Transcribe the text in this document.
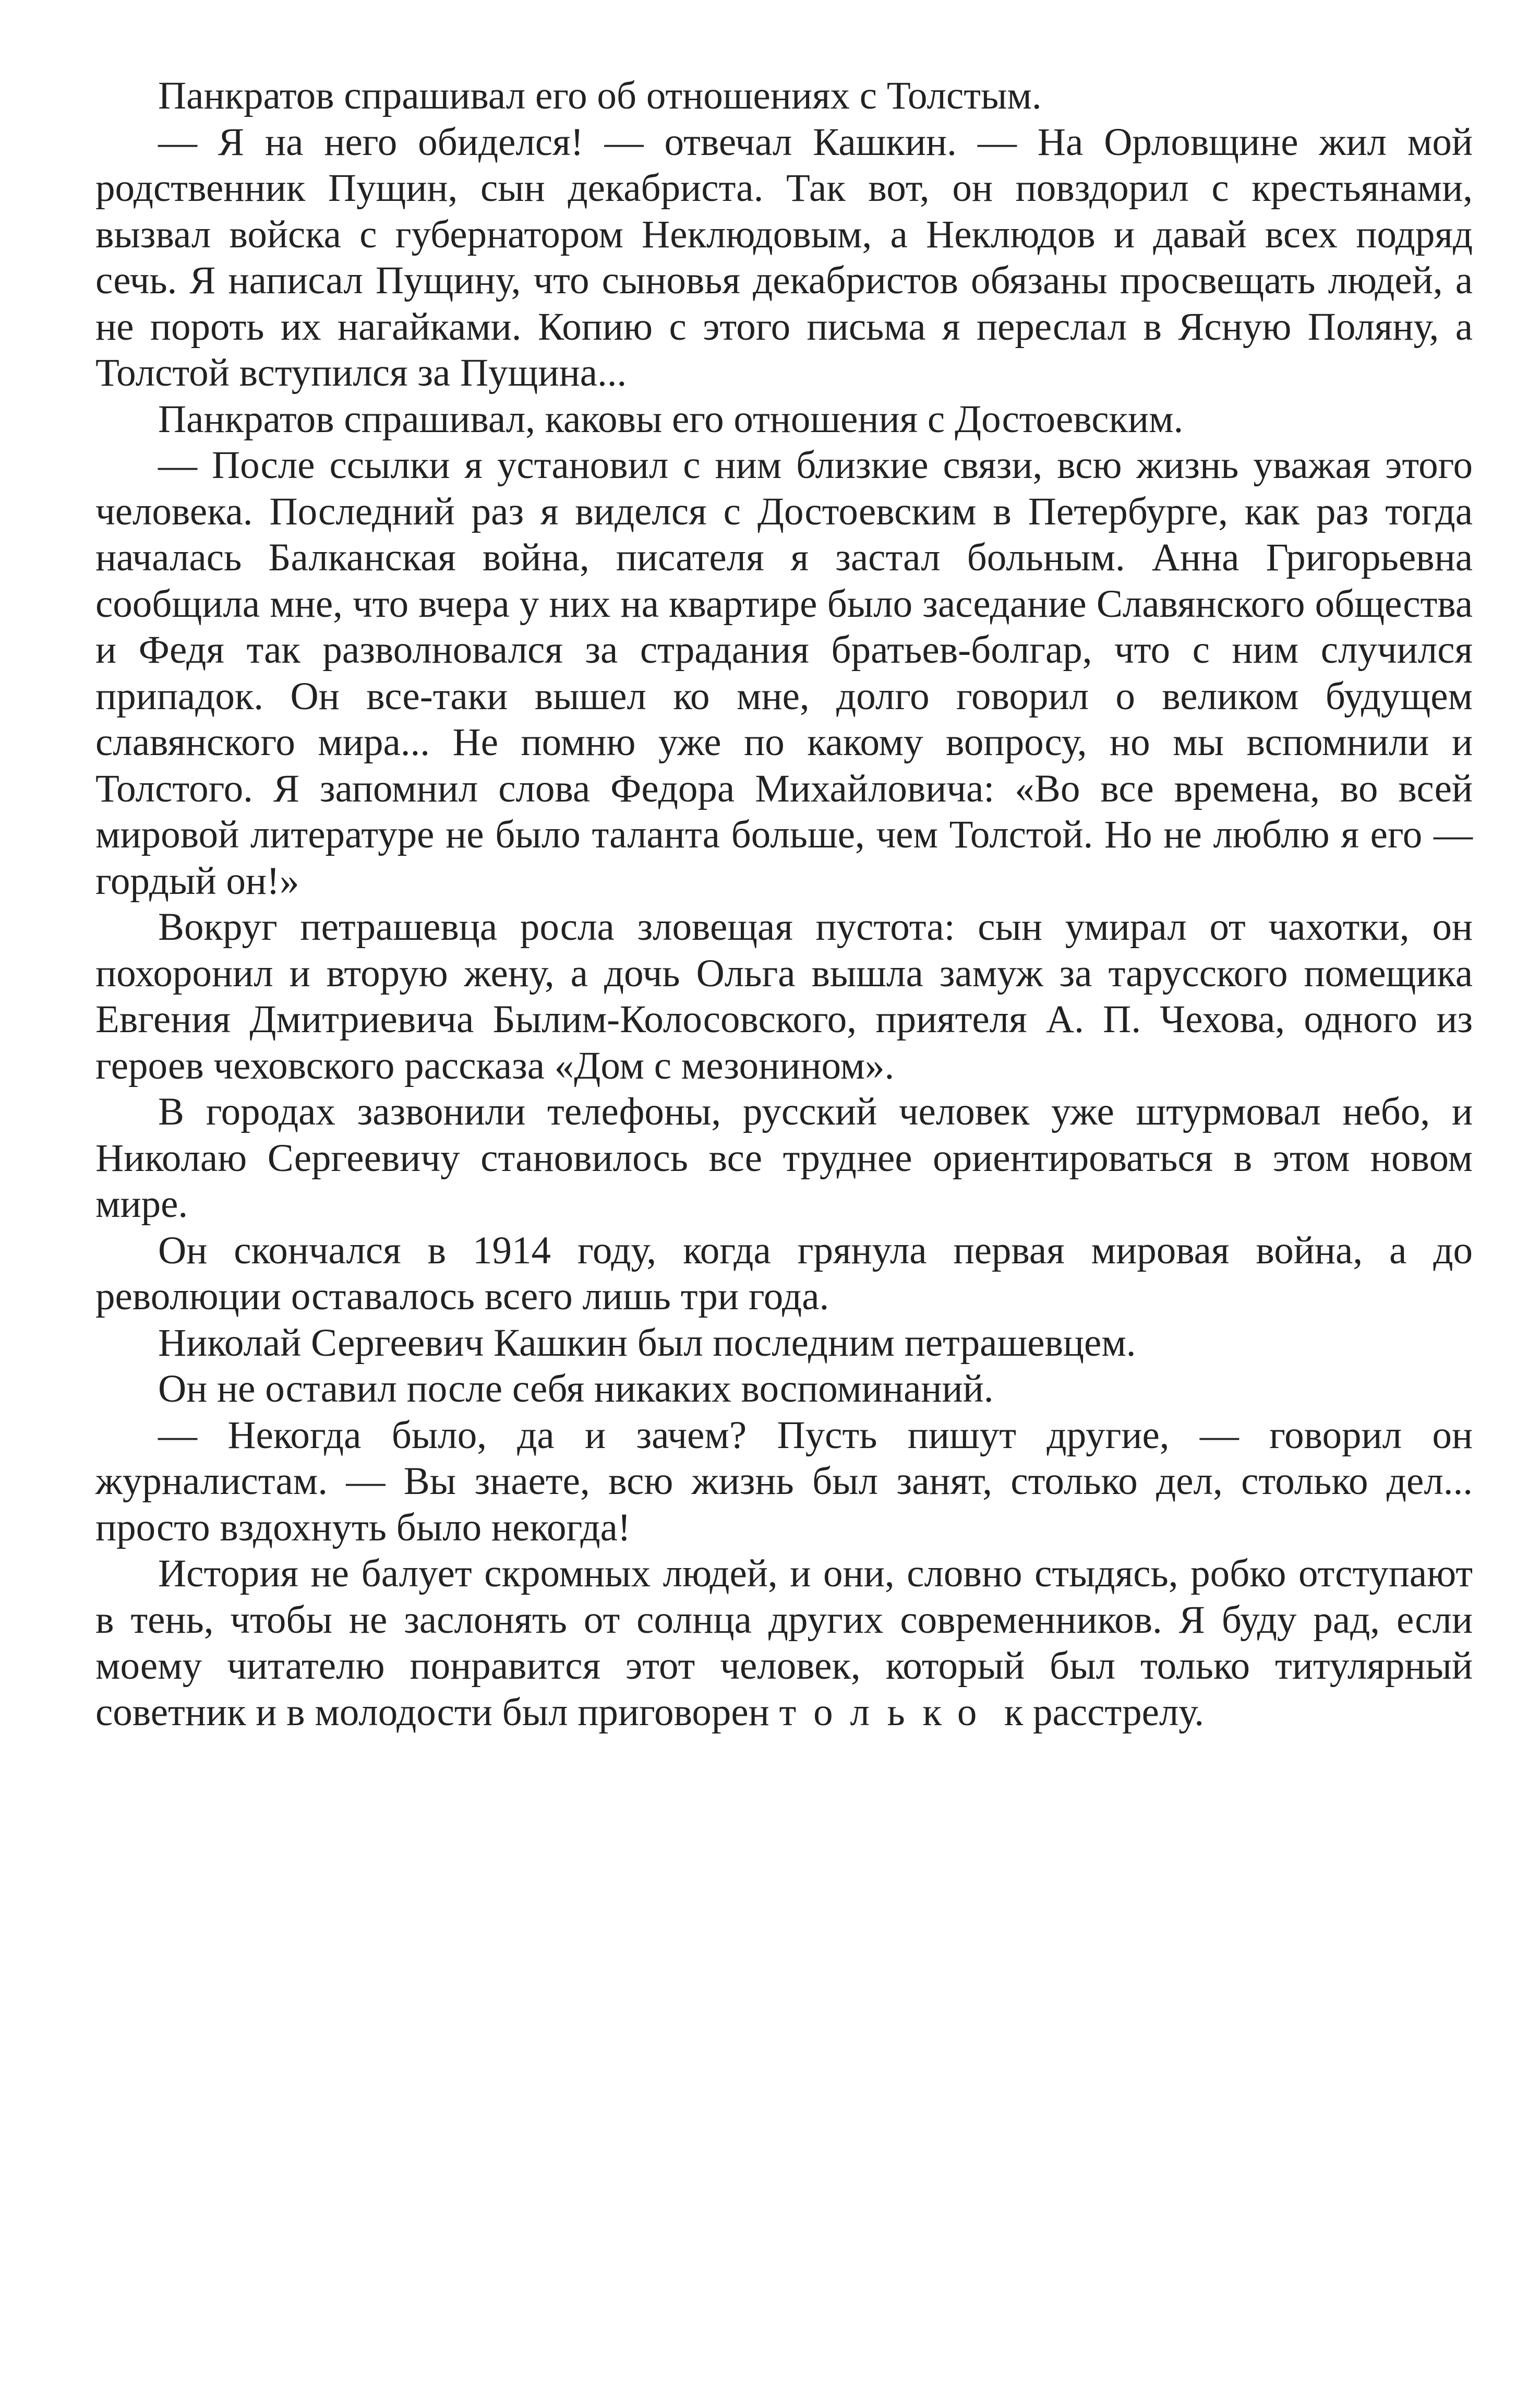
Панкратов спрашивал его об отношениях с Толстым.

— Я на него обиделся! — отвечал Кашкин. — На Орловщине жил мой родственник Пущин, сын декабриста. Так вот, он повздорил с крестьянами, вызвал войска с губернатором Неклюдовым, а Неклюдов и давай всех подряд сечь. Я написал Пущину, что сыновья декабристов обязаны просвещать людей, а не пороть их нагайками. Копию с этого письма я переслал в Ясную Поляну, а Толстой вступился за Пущина...

Панкратов спрашивал, каковы его отношения с Достоевским.

— После ссылки я установил с ним близкие связи, всю жизнь уважая этого человека. Последний раз я виделся с Достоевским в Петербурге, как раз тогда началась Балканская война, писателя я застал больным. Анна Григорьевна сообщила мне, что вчера у них на квартире было заседание Славянского общества и Федя так разволновался за страдания братьев-болгар, что с ним случился припадок. Он все-таки вышел ко мне, долго говорил о великом будущем славянского мира... Не помню уже по какому вопросу, но мы вспомнили и Толстого. Я запомнил слова Федора Михайловича: «Во все времена, во всей мировой литературе не было таланта больше, чем Толстой. Но не люблю я его — гордый он!»

Вокруг петрашевца росла зловещая пустота: сын умирал от чахотки, он похоронил и вторую жену, а дочь Ольга вышла замуж за тарусского помещика Евгения Дмитриевича Былим-Колосовского, приятеля А. П. Чехова, одного из героев чеховского рассказа «Дом с мезонином».

В городах зазвонили телефоны, русский человек уже штурмовал небо, и Николаю Сергеевичу становилось все труднее ориентироваться в этом новом мире.

Он скончался в 1914 году, когда грянула первая мировая война, а до революции оставалось всего лишь три года.

Николай Сергеевич Кашкин был последним петрашевцем.

Он не оставил после себя никаких воспоминаний.

— Некогда было, да и зачем? Пусть пишут другие, — говорил он журналистам. — Вы знаете, всю жизнь был занят, столько дел, столько дел... просто вздохнуть было некогда!

История не балует скромных людей, и они, словно стыдясь, робко отступают в тень, чтобы не заслонять от солнца других современников. Я буду рад, если моему читателю понравится этот человек, который был только титулярный советник и в молодости был приговорен только к расстрелу.
